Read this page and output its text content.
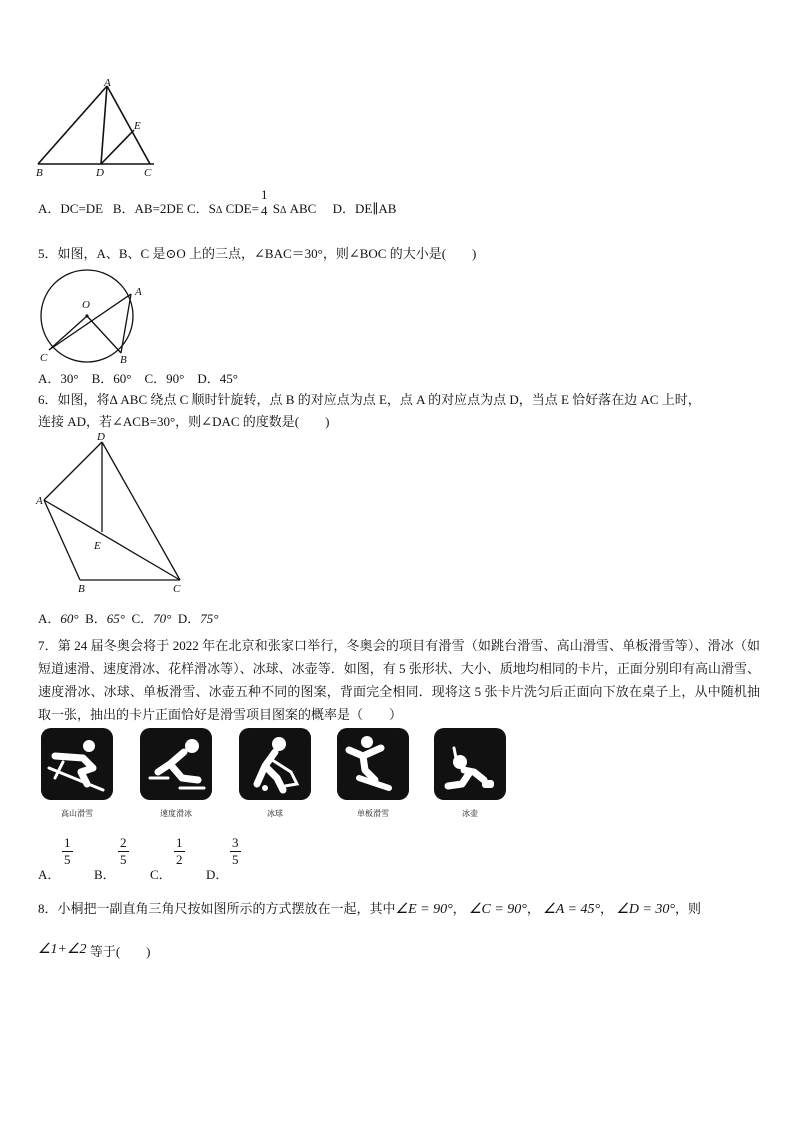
A
E
B	D	C
A．DC=DE B．AB=2DE C．SΔ CDE=
1
4 SΔ ABC D．DE∥AB
5．如图，A、B、C 是⊙O 上的三点，∠BAC＝30°，则∠BOC 的大小是(　　)
O
A
C	B
A．30°　B．60°　C．90°　D．45°
6．如图，将Δ ABC 绕点 C 顺时针旋转，点 B 的对应点为点 E，点 A 的对应点为点 D，当点 E 恰好落在边 AC 上时，
连接 AD，若∠ACB=30°，则∠DAC 的度数是(　　)
D
A
E
B	C
A．60° B．65° C．70° D．75°
7．第 24 届冬奥会将于 2022 年在北京和张家口举行，冬奥会的项目有滑雪（如跳台滑雪、高山滑雪、单板滑雪等）、滑冰（如短道速滑、速度滑冰、花样滑冰等）、冰球、冰壶等．如图，有 5 张形状、大小、质地均相同的卡片，正面分别印有高山滑雪、速度滑冰、冰球、单板滑雪、冰壶五种不同的图案，背面完全相同．现将这 5 张卡片洗匀后正面向下放在桌子上，从中随机抽取一张，抽出的卡片正面恰好是滑雪项目图案的概率是（　　）
高山滑雪	速度滑冰	冰球	单板滑雪	冰壶
A．
$\frac{1}{5}$
B．
$\frac{2}{5}$
C．
$\frac{1}{2}$
D．
$\frac{3}{5}$
8．小桐把一副直角三角尺按如图所示的方式摆放在一起，其中∠E = 90°， ∠C = 90°， ∠A = 45°， ∠D = 30°，则
∠1+∠2 等于(　　)
